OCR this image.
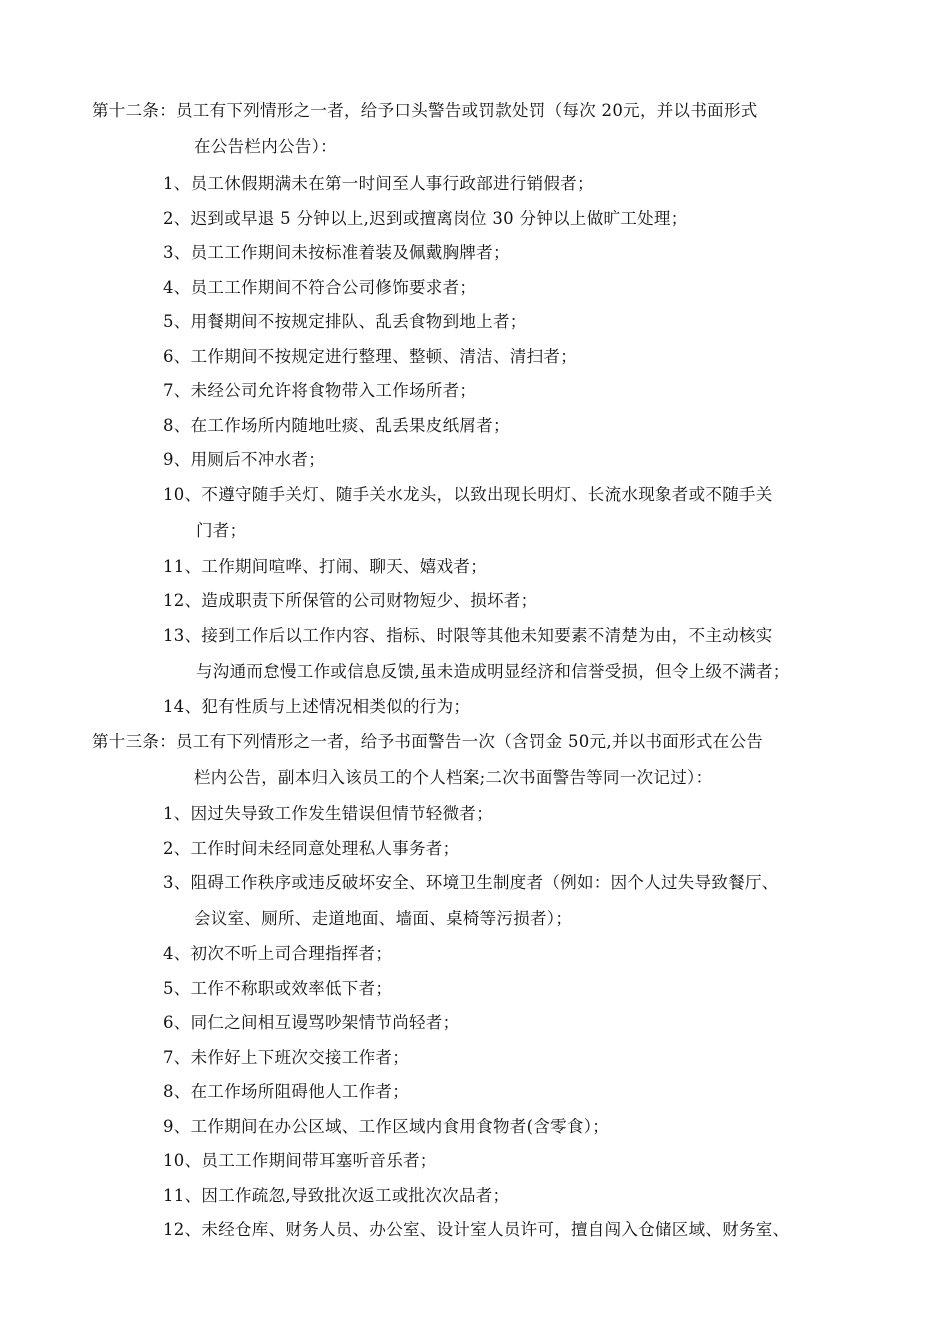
第十二条：员工有下列情形之一者，给予口头警告或罚款处罚（每次 20元，并以书面形式
在公告栏内公告）：
1、员工休假期满未在第一时间至人事行政部进行销假者；
2、迟到或早退 5 分钟以上,迟到或擅离岗位 30 分钟以上做旷工处理；
3、员工工作期间未按标准着装及佩戴胸牌者；
4、员工工作期间不符合公司修饰要求者；
5、用餐期间不按规定排队、乱丢食物到地上者；
6、工作期间不按规定进行整理、整顿、清洁、清扫者；
7、未经公司允许将食物带入工作场所者；
8、在工作场所内随地吐痰、乱丢果皮纸屑者；
9、用厕后不冲水者；
10、不遵守随手关灯、随手关水龙头，以致出现长明灯、长流水现象者或不随手关
门者；
11、工作期间喧哗、打闹、聊天、嬉戏者；
12、造成职责下所保管的公司财物短少、损坏者；
13、接到工作后以工作内容、指标、时限等其他未知要素不清楚为由，不主动核实
与沟通而怠慢工作或信息反馈,虽未造成明显经济和信誉受损，但令上级不满者；
14、犯有性质与上述情况相类似的行为；
第十三条：员工有下列情形之一者，给予书面警告一次（含罚金 50元,并以书面形式在公告
栏内公告，副本归入该员工的个人档案;二次书面警告等同一次记过）：
1、因过失导致工作发生错误但情节轻微者；
2、工作时间未经同意处理私人事务者；
3、阻碍工作秩序或违反破坏安全、环境卫生制度者（例如：因个人过失导致餐厅、
会议室、厕所、走道地面、墙面、桌椅等污损者）；
4、初次不听上司合理指挥者；
5、工作不称职或效率低下者；
6、同仁之间相互谩骂吵架情节尚轻者；
7、未作好上下班次交接工作者；
8、在工作场所阻碍他人工作者；
9、工作期间在办公区域、工作区域内食用食物者(含零食）；
10、员工工作期间带耳塞听音乐者；
11、因工作疏忽,导致批次返工或批次次品者；
12、未经仓库、财务人员、办公室、设计室人员许可，擅自闯入仓储区域、财务室、
